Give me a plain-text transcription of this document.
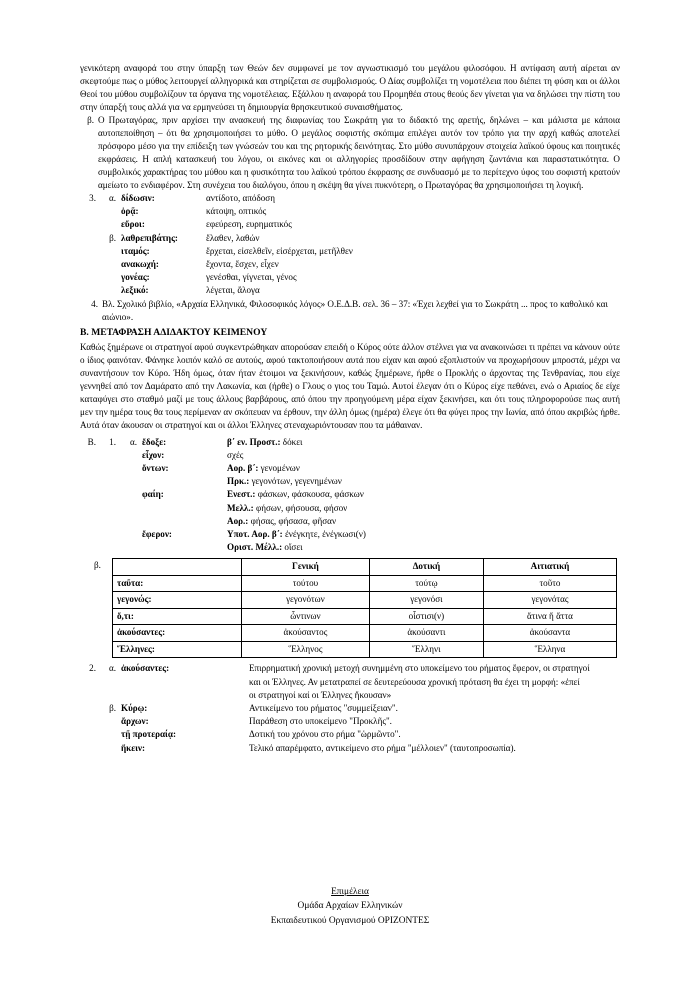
γενικότερη αναφορά του στην ύπαρξη των Θεών δεν συμφωνεί με τον αγνωστικισμό του μεγάλου φιλοσόφου. Η αντίφαση αυτή αίρεται αν σκεφτούμε πως ο μύθος λειτουργεί αλληγορικά και στηρίζεται σε συμβολισμούς. Ο Δίας συμβολίζει τη νομοτέλεια που διέπει τη φύση και οι άλλοι Θεοί του μύθου συμβολίζουν τα όργανα της νομοτέλειας. Εξάλλου η αναφορά του Προμηθέα στους θεούς δεν γίνεται για να δηλώσει την πίστη του στην ύπαρξή τους αλλά για να ερμηνεύσει τη δημιουργία θρησκευτικού συναισθήματος.

β. Ο Πρωταγόρας, πριν αρχίσει την ανασκευή της διαφωνίας του Σωκράτη για το διδακτό της αρετής, δηλώνει – και μάλιστα με κάποια αυτοπεποίθηση – ότι θα χρησιμοποιήσει το μύθο. Ο μεγάλος σοφιστής σκόπιμα επιλέγει αυτόν τον τρόπο για την αρχή καθώς αποτελεί πρόσφορο μέσο για την επίδειξη των γνώσεών του και της ρητορικής δεινότητας. Στο μύθο συνυπάρχουν στοιχεία λαϊκού ύφους και ποιητικές εκφράσεις. Η απλή κατασκευή του λόγου, οι εικόνες και οι αλληγορίες προσδίδουν στην αφήγηση ζωντάνια και παραστατικότητα. Ο συμβολικός χαρακτήρας του μύθου και η φυσικότητα του λαϊκού τρόπου έκφρασης σε συνδυασμό με το περίτεχνο ύφος του σοφιστή κρατούν αμείωτο το ενδιαφέρον. Στη συνέχεια του διαλόγου, όπου η σκέψη θα γίνει πυκνότερη, ο Πρωταγόρας θα χρησιμοποιήσει τη λογική.
3.	α. δίδωσιν:	αντίδοτο, απόδοση
ὁρᾷ:	κάτοψη, οπτικός
εὕροι:	εφεύρεση, ευρηματικός
β. λαθρεπιβάτης:	ἔλαθεν, λαθών
ιταμός:	ἔρχεται, εἰσελθεῖν, εἰσέρχεται, μετῆλθεν
ανακωχή:	ἔχοντα, ἔσχεν, εἶχεν
γονέας:	γενέσθαι, γίγνεται, γένος
λεξικό:	λέγεται, ἄλογα
4. Βλ. Σχολικό βιβλίο, «Αρχαία Ελληνικά, Φιλοσοφικός λόγος» Ο.Ε.Δ.Β. σελ. 36 – 37: «Έχει λεχθεί για το Σωκράτη ... προς το καθολικό και αιώνιο».
Β. ΜΕΤΑΦΡΑΣΗ ΑΔΙΔΑΚΤΟΥ ΚΕΙΜΕΝΟΥ

Καθώς ξημέρωνε οι στρατηγοί αφού συγκεντρώθηκαν απορούσαν επειδή ο Κύρος ούτε άλλον στέλνει για να ανακοινώσει τι πρέπει να κάνουν ούτε ο ίδιος φαινόταν. Φάνηκε λοιπόν καλό σε αυτούς, αφού τακτοποιήσουν αυτά που είχαν και αφού εξοπλιστούν να προχωρήσουν μπροστά, μέχρι να συναντήσουν τον Κύρο. Ήδη όμως, όταν ήταν έτοιμοι να ξεκινήσουν, καθώς ξημέρωνε, ήρθε ο Προκλής ο άρχοντας της Τενθρανίας, που είχε γεννηθεί από τον Δαμάρατο από την Λακωνία, και (ήρθε) ο Γλους ο γιος του Ταμώ. Αυτοί έλεγαν ότι ο Κύρος είχε πεθάνει, ενώ ο Αριαίος δε είχε καταφύγει στο σταθμό μαζί με τους άλλους βαρβάρους, από όπου την προηγούμενη μέρα είχαν ξεκινήσει, και ότι τους πληροφορούσε πως αυτή μεν την ημέρα τους θα τους περίμεναν αν σκόπευαν να έρθουν, την άλλη όμως (ημέρα) έλεγε ότι θα φύγει προς την Ιωνία, από όπου ακριβώς ήρθε. Αυτά όταν άκουσαν οι στρατηγοί και οι άλλοι Έλληνες στεναχωριόντουσαν που τα μάθαιναν.

Β.	1.	α. ἔδοξε:	β΄ εν. Προστ.: δόκει
εἶχον:	σχές
ὄντων:	Αορ. β΄: γενομένων
Πρκ.: γεγονότων, γεγενημένων
φαίη:	Ενεστ.: φάσκων, φάσκουσα, φάσκων
Μελλ.: φήσων, φήσουσα, φήσον
Αορ.: φήσας, φήσασα, φῆσαν
ἔφερον:	Υποτ. Αορ. β΄: ἐνέγκητε, ἐνέγκωσι(ν)
Οριστ. Μέλλ.: οἴσει
β.
		Γενική	Δοτική	Αιτιατική
ταῦτα:	τούτου	τούτῳ	τοῦτο
γεγονώς:	γεγονότων	γεγονόσι	γεγονότας
ὅ,τι:	ὧντινων	οἷστισι(ν)	ἅτινα ἤ ἅττα
ἀκούσαντες:	ἀκούσαντος	ἀκούσαντι	ἀκούσαντα
Ἕλληνες:	Ἕλληνος	Ἕλληνι	Ἕλληνα
2.	α. ἀκούσαντες:	Επιρρηματική χρονική μετοχή συνημμένη στο υποκείμενο του ρήματος ἔφερον, οι στρατηγοί
και οι Έλληνες. Αν μετατραπεί σε δευτερεύουσα χρονική πρόταση θα έχει τη μορφή: «ἐπεί
οι στρατηγοί καί οι Έλληνες ἤκουσαν»
β. Κύρῳ:	Αντικείμενο του ρήματος "συμμείξειαν".
ἄρχων:	Παράθεση στο υποκείμενο "Προκλῆς".
τῇ προτεραίᾳ:	Δοτική του χρόνου στο ρήμα "ὡρμῶντο".
ἥκειν:	Τελικό απαρέμφατο, αντικείμενο στο ρήμα "μέλλοιεν" (ταυτοπροσωπία).
Επιμέλεια
Ομάδα Αρχαίων Ελληνικών
Εκπαιδευτικού Οργανισμού ΟΡΙΖΟΝΤΕΣ
